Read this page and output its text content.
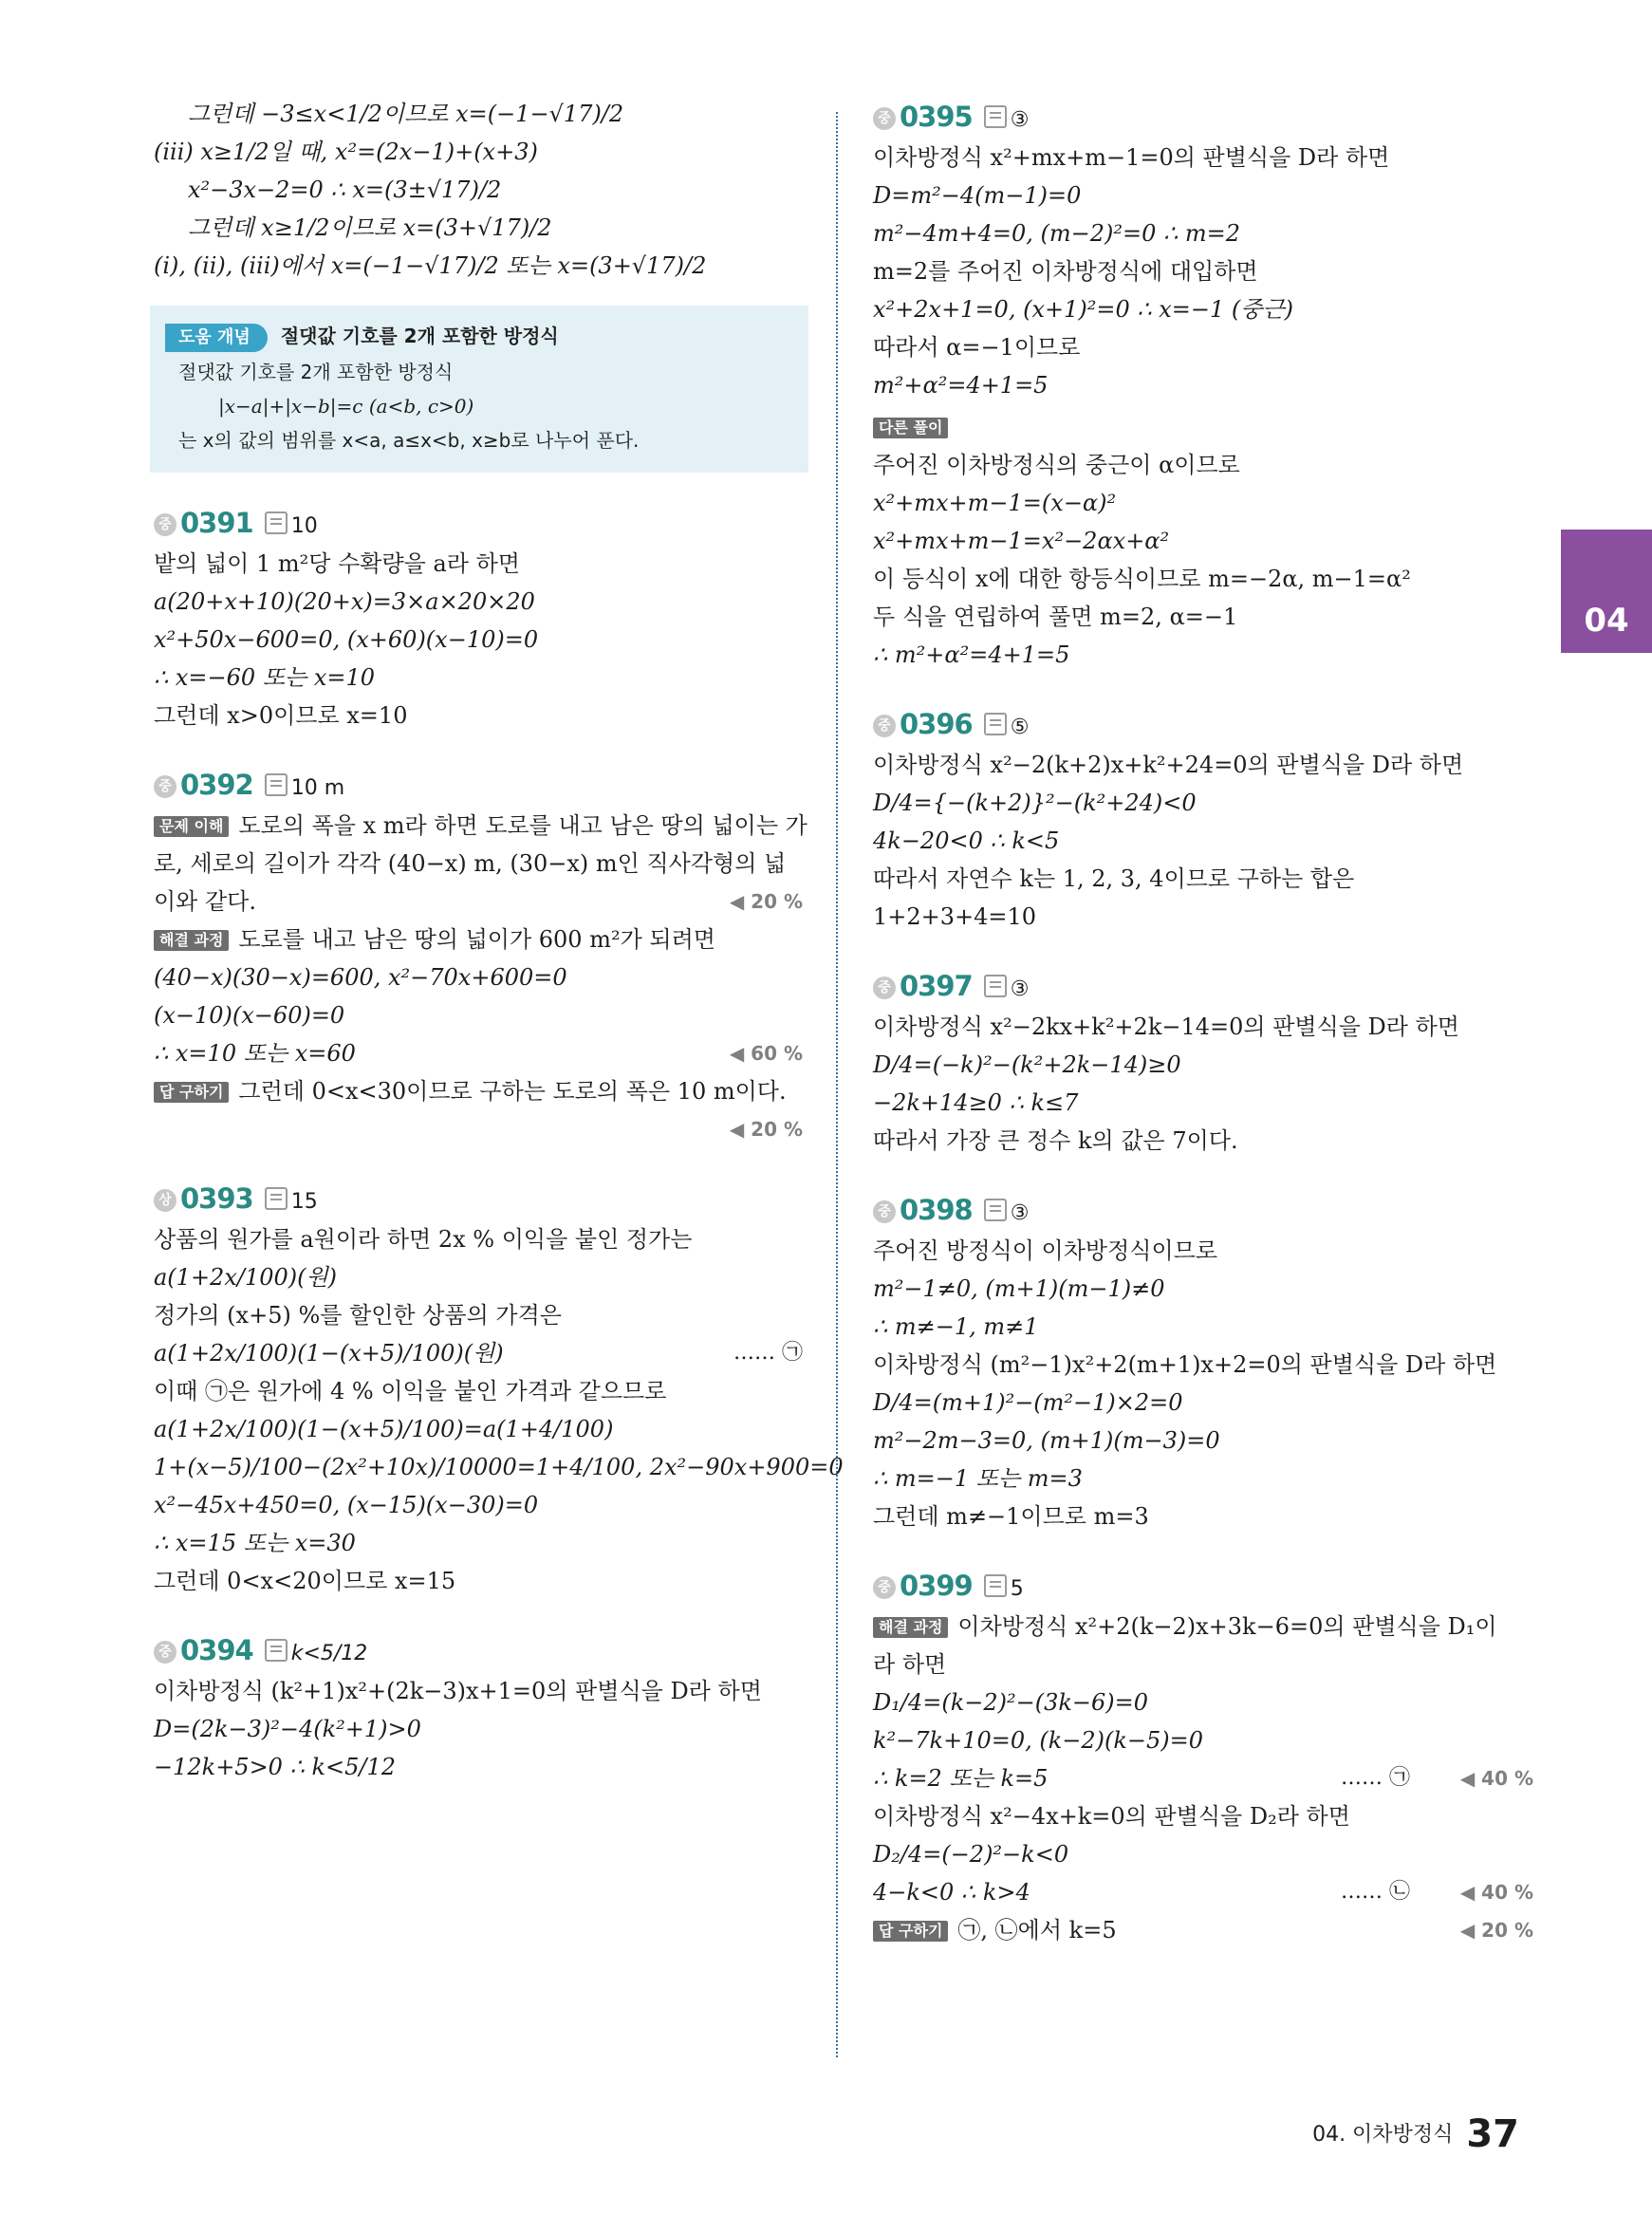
그런데 −3≤x<1/2이므로 x=(−1−√17)/2
(iii) x≥1/2일 때, x²=(2x−1)+(x+3)
x²−3x−2=0 ∴ x=(3±√17)/2
그런데 x≥1/2이므로 x=(3+√17)/2
(i), (ii), (iii)에서 x=(−1−√17)/2 또는 x=(3+√17)/2
도움 개념 절댓값 기호를 2개 포함한 방정식
절댓값 기호를 2개 포함한 방정식
|x−a|+|x−b|=c (a<b, c>0)
는 x의 값의 범위를 x<a, a≤x<b, x≥b로 나누어 푼다.
중 0391 10
밭의 넓이 1 m²당 수확량을 a라 하면
a(20+x+10)(20+x)=3×a×20×20
x²+50x−600=0, (x+60)(x−10)=0
∴ x=−60 또는 x=10
그런데 x>0이므로 x=10
중 0392 10 m
문제 이해 도로의 폭을 x m라 하면 도로를 내고 남은 땅의 넓이는 가
로, 세로의 길이가 각각 (40−x) m, (30−x) m인 직사각형의 넓
이와 같다.	◀ 20 %
해결 과정 도로를 내고 남은 땅의 넓이가 600 m²가 되려면
(40−x)(30−x)=600, x²−70x+600=0
(x−10)(x−60)=0
∴ x=10 또는 x=60	◀ 60 %
답 구하기 그런데 0<x<30이므로 구하는 도로의 폭은 10 m이다.
◀ 20 %
상 0393 15
상품의 원가를 a원이라 하면 2x % 이익을 붙인 정가는
a(1+2x/100)(원)
정가의 (x+5) %를 할인한 상품의 가격은
a(1+2x/100)(1−(x+5)/100)(원)	…… ㉠
이때 ㉠은 원가에 4 % 이익을 붙인 가격과 같으므로
a(1+2x/100)(1−(x+5)/100)=a(1+4/100)
1+(x−5)/100−(2x²+10x)/10000=1+4/100, 2x²−90x+900=0
x²−45x+450=0, (x−15)(x−30)=0
∴ x=15 또는 x=30
그런데 0<x<20이므로 x=15
중 0394 k<5/12
이차방정식 (k²+1)x²+(2k−3)x+1=0의 판별식을 D라 하면
D=(2k−3)²−4(k²+1)>0
−12k+5>0 ∴ k<5/12
중 0395 ③
이차방정식 x²+mx+m−1=0의 판별식을 D라 하면
D=m²−4(m−1)=0
m²−4m+4=0, (m−2)²=0 ∴ m=2
m=2를 주어진 이차방정식에 대입하면
x²+2x+1=0, (x+1)²=0 ∴ x=−1 (중근)
따라서 α=−1이므로
m²+α²=4+1=5
다른 풀이
주어진 이차방정식의 중근이 α이므로
x²+mx+m−1=(x−α)²
x²+mx+m−1=x²−2αx+α²
이 등식이 x에 대한 항등식이므로 m=−2α, m−1=α²
두 식을 연립하여 풀면 m=2, α=−1
∴ m²+α²=4+1=5
중 0396 ⑤
이차방정식 x²−2(k+2)x+k²+24=0의 판별식을 D라 하면
D/4={−(k+2)}²−(k²+24)<0
4k−20<0 ∴ k<5
따라서 자연수 k는 1, 2, 3, 4이므로 구하는 합은
1+2+3+4=10
중 0397 ③
이차방정식 x²−2kx+k²+2k−14=0의 판별식을 D라 하면
D/4=(−k)²−(k²+2k−14)≥0
−2k+14≥0 ∴ k≤7
따라서 가장 큰 정수 k의 값은 7이다.
중 0398 ③
주어진 방정식이 이차방정식이므로
m²−1≠0, (m+1)(m−1)≠0
∴ m≠−1, m≠1
이차방정식 (m²−1)x²+2(m+1)x+2=0의 판별식을 D라 하면
D/4=(m+1)²−(m²−1)×2=0
m²−2m−3=0, (m+1)(m−3)=0
∴ m=−1 또는 m=3
그런데 m≠−1이므로 m=3
중 0399 5
해결 과정 이차방정식 x²+2(k−2)x+3k−6=0의 판별식을 D₁이
라 하면
D₁/4=(k−2)²−(3k−6)=0
k²−7k+10=0, (k−2)(k−5)=0
∴ k=2 또는 k=5	…… ㉠	◀ 40 %
이차방정식 x²−4x+k=0의 판별식을 D₂라 하면
D₂/4=(−2)²−k<0
4−k<0 ∴ k>4	…… ㉡	◀ 40 %
답 구하기 ㉠, ㉡에서 k=5	◀ 20 %
04
04. 이차방정식 37
